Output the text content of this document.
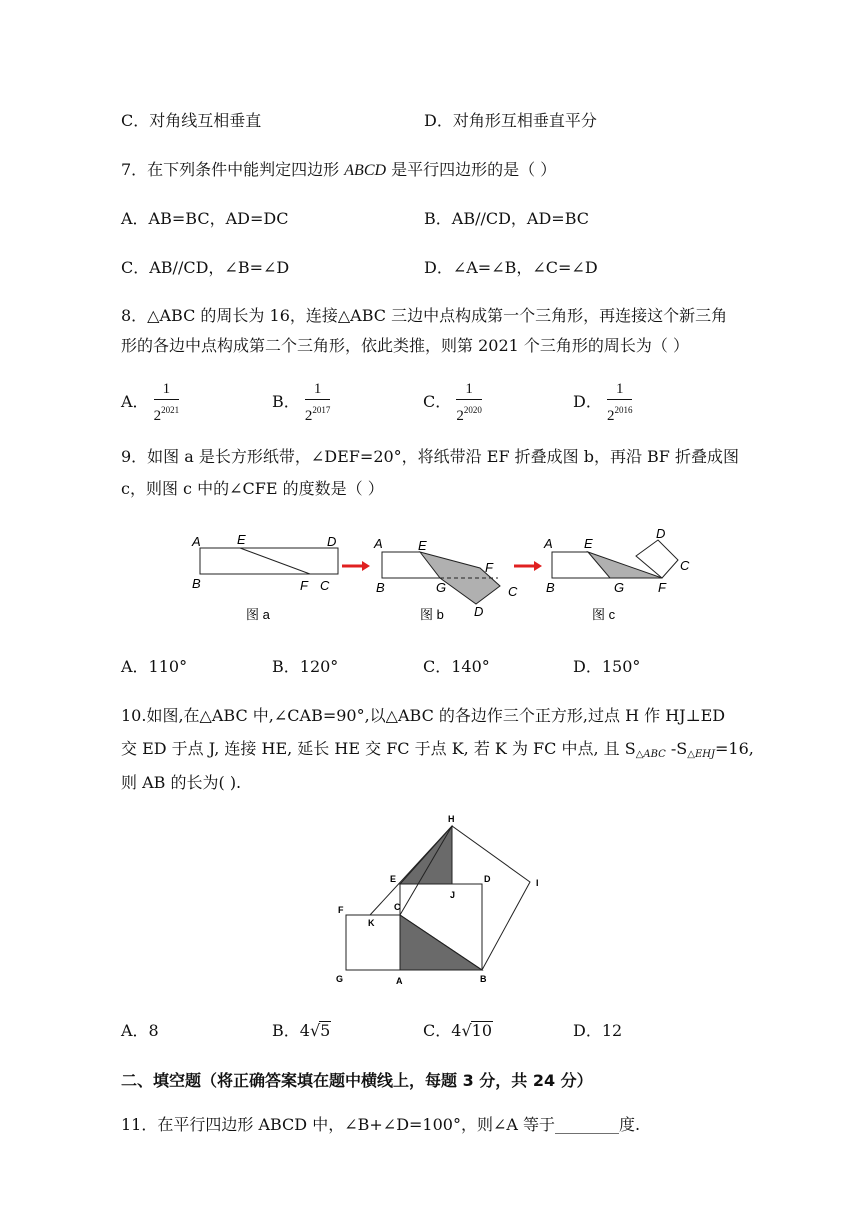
C．对角线互相垂直	D．对角形互相垂直平分
7．在下列条件中能判定四边形 ABCD 是平行四边形的是（ ）
A．AB=BC，AD=DC	B．AB//CD，AD=BC
C．AB//CD，∠B=∠D	D．∠A=∠B，∠C=∠D
8．△ABC 的周长为 16，连接△ABC 三边中点构成第一个三角形，再连接这个新三角
形的各边中点构成第二个三角形，依此类推，则第 2021 个三角形的周长为（ ）
A． $\frac{1}{2^{2021}}$	B． $\frac{1}{2^{2017}}$	C． $\frac{1}{2^{2020}}$	D． $\frac{1}{2^{2016}}$
9．如图 a 是长方形纸带，∠DEF=20°，将纸带沿 EF 折叠成图 b，再沿 BF 折叠成图
c，则图 c 中的∠CFE 的度数是（ ）
A	E	D
B	F C
图 a
A	E
F
B	G	C
D
图 b
A E
D
C
B	G	F
图 c
A．110°	B．120°	C．140°	D．150°
10.如图,在△ABC 中,∠CAB=90°,以△ABC 的各边作三个正方形,过点 H 作 HJ⊥ED
交 ED 于点 J, 连接 HE, 延长 HE 交 FC 于点 K, 若 K 为 FC 中点, 且 $S_{\triangle ABC}$ $-S_{\triangle EHJ}=16$,
则 AB 的长为( ).
H
E	D	I
F	C
J
K
G	A	B
A．8	B．4√5	C．4√10	D．12
二、填空题（将正确答案填在题中横线上，每题 3 分，共 24 分）
11．在平行四边形 ABCD 中，∠B+∠D=100°，则∠A 等于________度.
